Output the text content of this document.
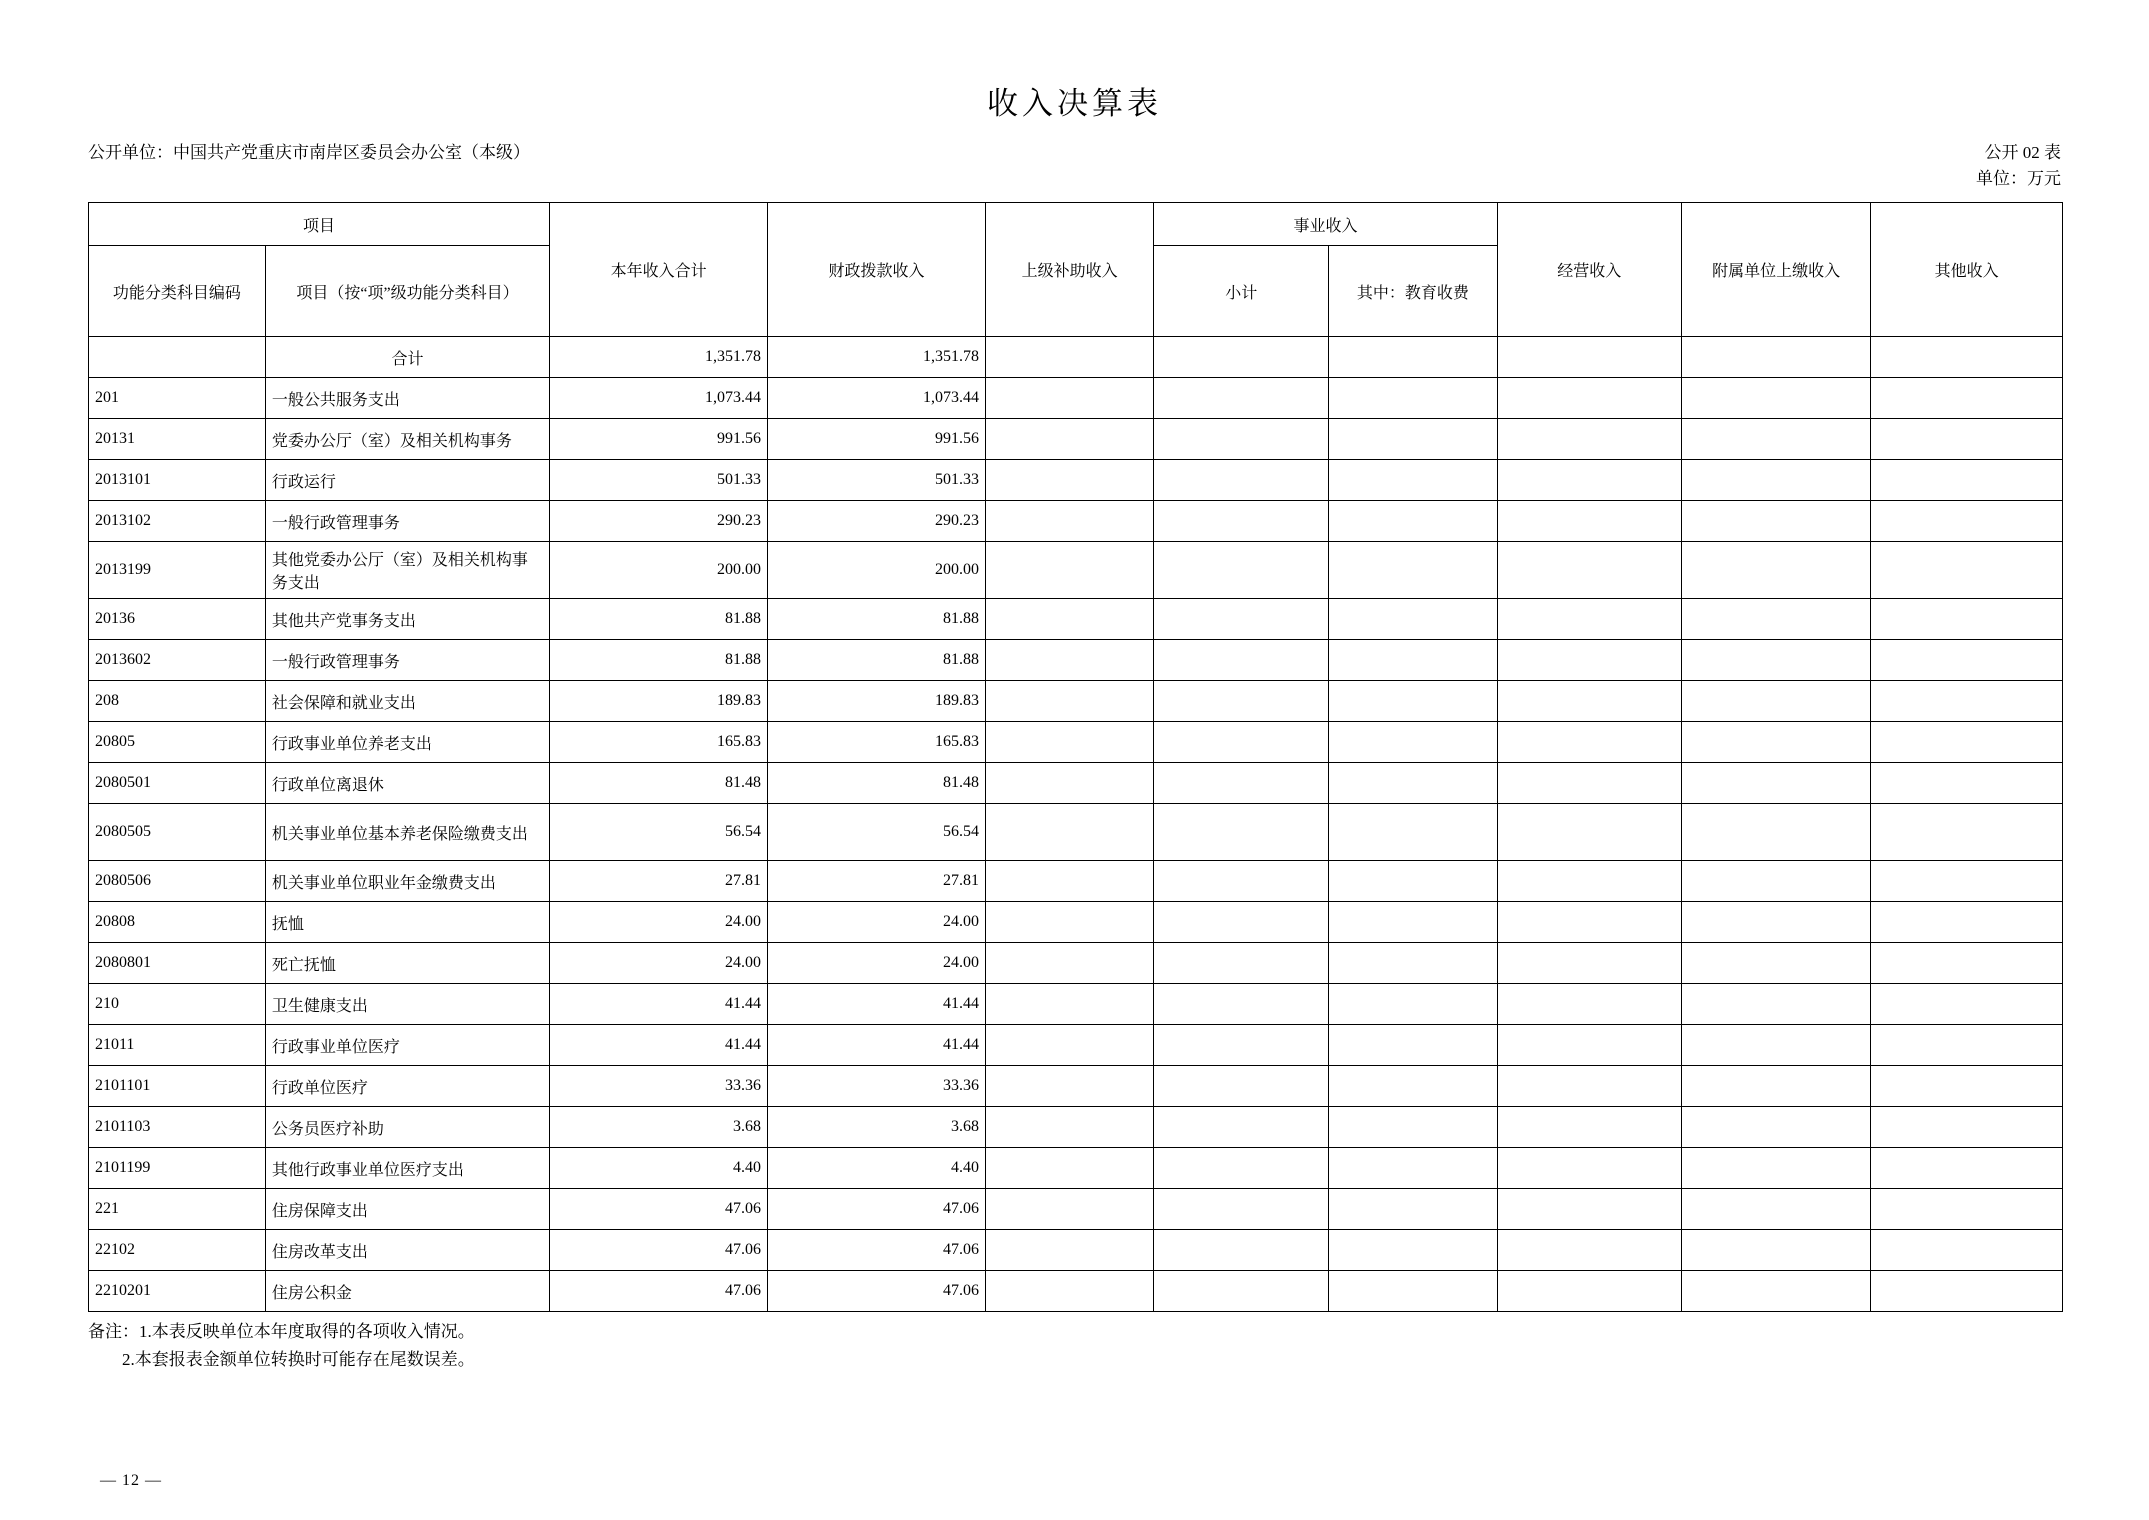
收入决算表
公开单位：中国共产党重庆市南岸区委员会办公室（本级）	公开 02 表
单位：万元
项目		本年收入合计	财政拨款收入	上级补助收入	事业收入		经营收入	附属单位上缴收入	其他收入
功能分类科目编码	项目（按“项”级功能分类科目）				小计	其中：教育收费			
	合计	1,351.78	1,351.78						
201	一般公共服务支出	1,073.44	1,073.44						
20131	党委办公厅（室）及相关机构事务	991.56	991.56						
2013101	行政运行	501.33	501.33						
2013102	一般行政管理事务	290.23	290.23						
2013199	其他党委办公厅（室）及相关机构事务支出	200.00	200.00						
20136	其他共产党事务支出	81.88	81.88						
2013602	一般行政管理事务	81.88	81.88						
208	社会保障和就业支出	189.83	189.83						
20805	行政事业单位养老支出	165.83	165.83						
2080501	行政单位离退休	81.48	81.48						
2080505	机关事业单位基本养老保险缴费支出	56.54	56.54						
2080506	机关事业单位职业年金缴费支出	27.81	27.81						
20808	抚恤	24.00	24.00						
2080801	死亡抚恤	24.00	24.00						
210	卫生健康支出	41.44	41.44						
21011	行政事业单位医疗	41.44	41.44						
2101101	行政单位医疗	33.36	33.36						
2101103	公务员医疗补助	3.68	3.68						
2101199	其他行政事业单位医疗支出	4.40	4.40						
221	住房保障支出	47.06	47.06						
22102	住房改革支出	47.06	47.06						
2210201	住房公积金	47.06	47.06						
备注：1.本表反映单位本年度取得的各项收入情况。
2.本套报表金额单位转换时可能存在尾数误差。
— 12 —
